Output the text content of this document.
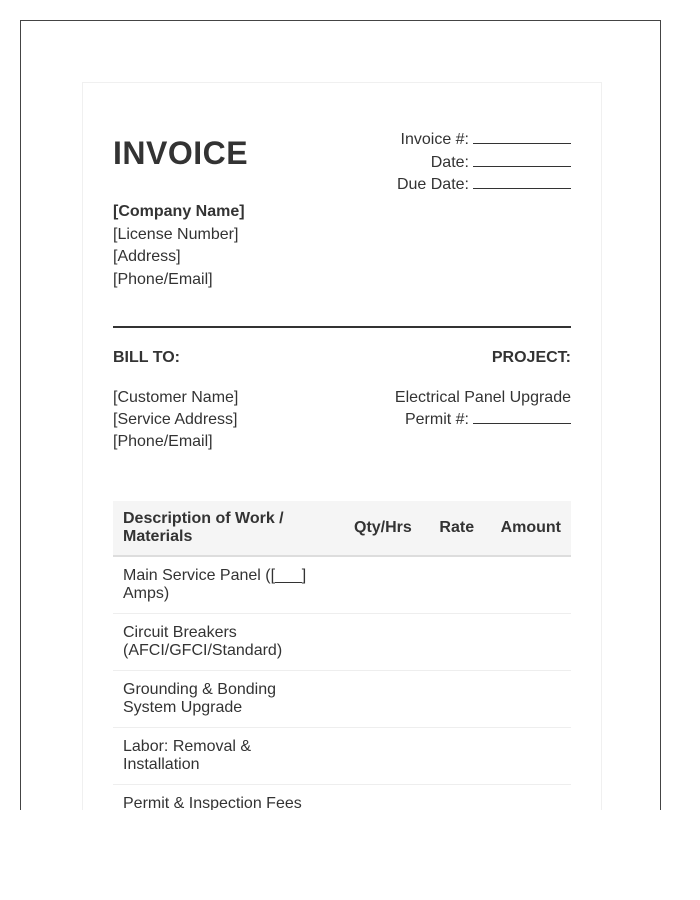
INVOICE	Invoice #:
Date:
Due Date:
[Company Name]
[License Number]
[Address]
[Phone/Email]
BILL TO:	PROJECT:
[Customer Name]
[Service Address]
[Phone/Email]
Electrical Panel Upgrade
Permit #:
Description of Work / Materials	Qty/Hrs	Rate	Amount
Main Service Panel ([___] Amps)			
Circuit Breakers (AFCI/GFCI/Standard)			
Grounding & Bonding System Upgrade			
Labor: Removal & Installation			
Permit & Inspection Fees			
